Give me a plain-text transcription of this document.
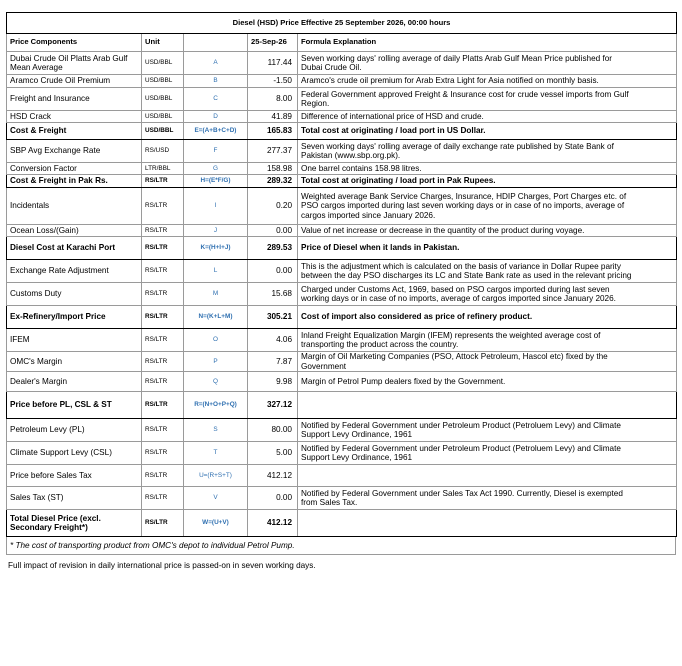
Diesel (HSD) Price Effective 25 September 2026, 00:00 hours				
Price Components	Unit		25-Sep-26	Formula Explanation
Dubai Crude Oil Platts Arab Gulf Mean Average	USD/BBL	A	117.44	Seven working days' rolling average of daily Platts Arab Gulf Mean Price published for
Dubai Crude Oil.
Aramco Crude Oil Premium	USD/BBL	B	-1.50	Aramco's crude oil premium for Arab Extra Light for Asia notified on monthly basis.
Freight and Insurance	USD/BBL	C	8.00	Federal Government approved Freight & Insurance cost for crude vessel imports from Gulf
Region.
HSD Crack	USD/BBL	D	41.89	Difference of international price of HSD and crude.
Cost & Freight	USD/BBL	E=(A+B+C+D)	165.83	Total cost at originating / load port in US Dollar.
SBP Avg Exchange Rate	RS/USD	F	277.37	Seven working days' rolling average of daily exchange rate published by State Bank of
Pakistan (www.sbp.org.pk).
Conversion Factor	LTR/BBL	G	158.98	One barrel contains 158.98 litres.
Cost & Freight in Pak Rs.	RS/LTR	H=(E*F/G)	289.32	Total cost at originating / load port in Pak Rupees.
Incidentals	RS/LTR	I	0.20	Weighted average Bank Service Charges, Insurance, HDIP Charges, Port Charges etc. of
PSO cargos imported during last seven working days or in case of no imports, average of
cargos imported since January 2026.
Ocean Loss/(Gain)	RS/LTR	J	0.00	Value of net increase or decrease in the quantity of the product during voyage.
Diesel Cost at Karachi Port	RS/LTR	K=(H+I+J)	289.53	Price of Diesel when it lands in Pakistan.
Exchange Rate Adjustment	RS/LTR	L	0.00	This is the adjustment which is calculated on the basis of variance in Dollar Rupee parity
between the day PSO discharges its LC and State Bank rate as used in the relevant pricing
Customs Duty	RS/LTR	M	15.68	Charged under Customs Act, 1969, based on PSO cargos imported during last seven
working days or in case of no imports, average of cargos imported since January 2026.
Ex-Refinery/Import Price	RS/LTR	N=(K+L+M)	305.21	Cost of import also considered as price of refinery product.
IFEM	RS/LTR	O	4.06	Inland Freight Equalization Margin (IFEM) represents the weighted average cost of
transporting the product across the country.
OMC's Margin	RS/LTR	P	7.87	Margin of Oil Marketing Companies (PSO, Attock Petroleum, Hascol etc) fixed by the
Government
Dealer's Margin	RS/LTR	Q	9.98	Margin of Petrol Pump dealers fixed by the Government.
Price before PL, CSL & ST	RS/LTR	R=(N+O+P+Q)	327.12	
Petroleum Levy (PL)	RS/LTR	S	80.00	Notified by Federal Government under Petroleum Product (Petroluem Levy) and Climate
Support Levy Ordinance, 1961
Climate Support Levy (CSL)	RS/LTR	T	5.00	Notified by Federal Government under Petroleum Product (Petroluem Levy) and Climate
Support Levy Ordinance, 1961
Price before Sales Tax	RS/LTR	U=(R+S+T)	412.12	
Sales Tax (ST)	RS/LTR	V	0.00	Notified by Federal Government under Sales Tax Act 1990. Currently, Diesel is exempted
from Sales Tax.
Total Diesel Price (excl.
Secondary Freight*)	RS/LTR	W=(U+V)	412.12	
* The cost of transporting product from OMC's depot to individual Petrol Pump.
Full impact of revision in daily international price is passed-on in seven working days.
